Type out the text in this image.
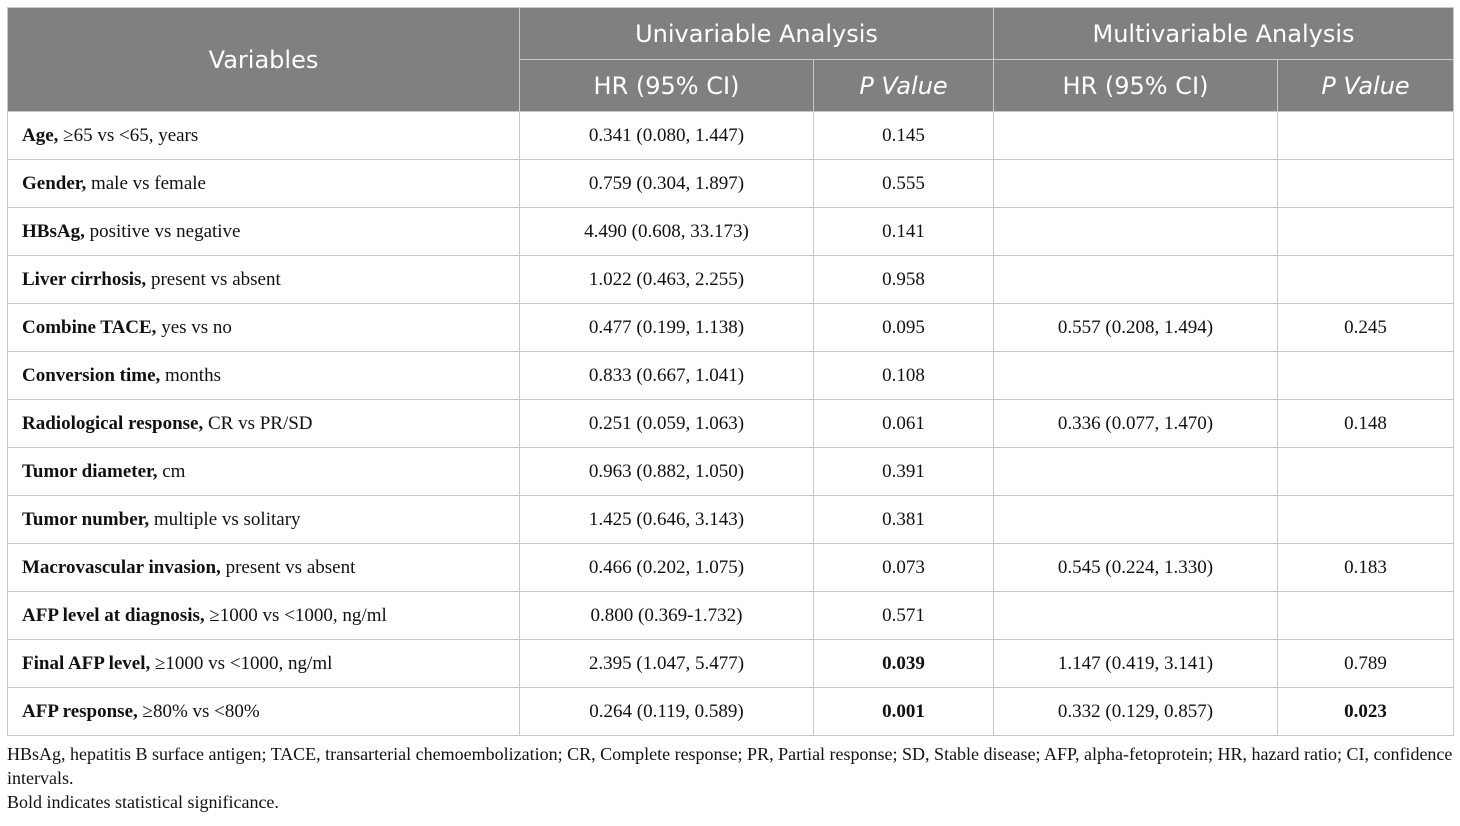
Variables	Univariable Analysis		Multivariable Analysis	
	HR (95% CI)	P Value	HR (95% CI)	P Value
Age, ≥65 vs <65, years	0.341 (0.080, 1.447)	0.145		
Gender, male vs female	0.759 (0.304, 1.897)	0.555		
HBsAg, positive vs negative	4.490 (0.608, 33.173)	0.141		
Liver cirrhosis, present vs absent	1.022 (0.463, 2.255)	0.958		
Combine TACE, yes vs no	0.477 (0.199, 1.138)	0.095	0.557 (0.208, 1.494)	0.245
Conversion time, months	0.833 (0.667, 1.041)	0.108		
Radiological response, CR vs PR/SD	0.251 (0.059, 1.063)	0.061	0.336 (0.077, 1.470)	0.148
Tumor diameter, cm	0.963 (0.882, 1.050)	0.391		
Tumor number, multiple vs solitary	1.425 (0.646, 3.143)	0.381		
Macrovascular invasion, present vs absent	0.466 (0.202, 1.075)	0.073	0.545 (0.224, 1.330)	0.183
AFP level at diagnosis, ≥1000 vs <1000, ng/ml	0.800 (0.369-1.732)	0.571		
Final AFP level, ≥1000 vs <1000, ng/ml	2.395 (1.047, 5.477)	0.039	1.147 (0.419, 3.141)	0.789
AFP response, ≥80% vs <80%	0.264 (0.119, 0.589)	0.001	0.332 (0.129, 0.857)	0.023

HBsAg, hepatitis B surface antigen; TACE, transarterial chemoembolization; CR, Complete response; PR, Partial response; SD, Stable disease; AFP, alpha-fetoprotein; HR, hazard ratio; CI, confidence intervals.

Bold indicates statistical significance.
